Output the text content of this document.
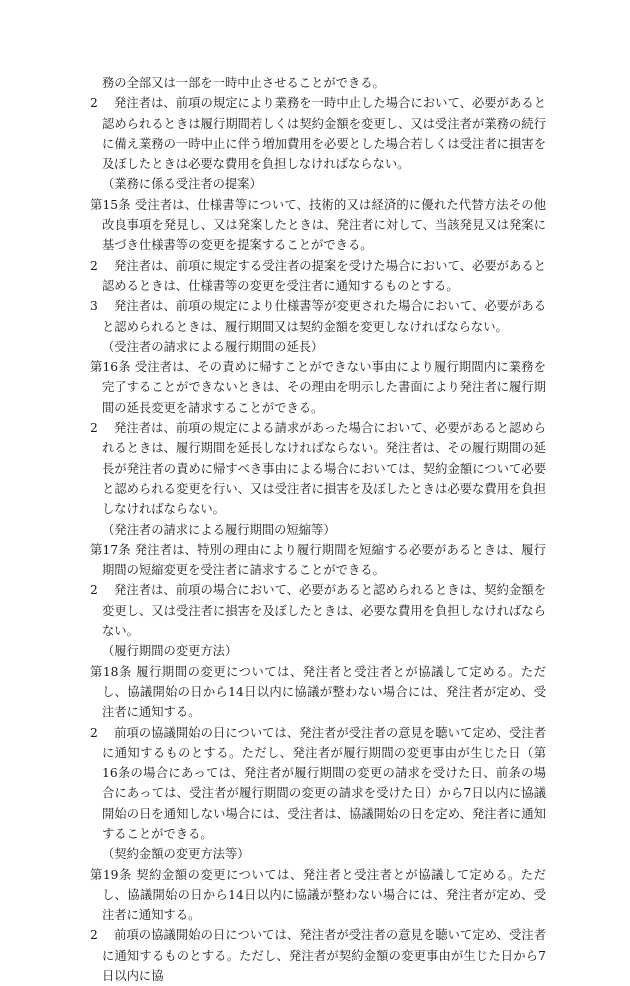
務の全部又は一部を一時中止させることができる。

2 発注者は、前項の規定により業務を一時中止した場合において、必要があると認められるときは履行期間若しくは契約金額を変更し、又は受注者が業務の続行に備え業務の一時中止に伴う増加費用を必要とした場合若しくは受注者に損害を及ぼしたときは必要な費用を負担しなければならない。

（業務に係る受注者の提案）

第15条 受注者は、仕様書等について、技術的又は経済的に優れた代替方法その他改良事項を発見し、又は発案したときは、発注者に対して、当該発見又は発案に基づき仕様書等の変更を提案することができる。

2 発注者は、前項に規定する受注者の提案を受けた場合において、必要があると認めるときは、仕様書等の変更を受注者に通知するものとする。
3 発注者は、前項の規定により仕様書等が変更された場合において、必要があると認められるときは、履行期間又は契約金額を変更しなければならない。

（受注者の請求による履行期間の延長）

第16条 受注者は、その責めに帰すことができない事由により履行期間内に業務を完了することができないときは、その理由を明示した書面により発注者に履行期間の延長変更を請求することができる。

2 発注者は、前項の規定による請求があった場合において、必要があると認められるときは、履行期間を延長しなければならない。発注者は、その履行期間の延長が発注者の責めに帰すべき事由による場合においては、契約金額について必要と認められる変更を行い、又は受注者に損害を及ぼしたときは必要な費用を負担しなければならない。

（発注者の請求による履行期間の短縮等）

第17条 発注者は、特別の理由により履行期間を短縮する必要があるときは、履行期間の短縮変更を受注者に請求することができる。

2 発注者は、前項の場合において、必要があると認められるときは、契約金額を変更し、又は受注者に損害を及ぼしたときは、必要な費用を負担しなければならない。

（履行期間の変更方法）

第18条 履行期間の変更については、発注者と受注者とが協議して定める。ただし、協議開始の日から14日以内に協議が整わない場合には、発注者が定め、受注者に通知する。

2 前項の協議開始の日については、発注者が受注者の意見を聴いて定め、受注者に通知するものとする。ただし、発注者が履行期間の変更事由が生じた日（第16条の場合にあっては、発注者が履行期間の変更の請求を受けた日、前条の場合にあっては、受注者が履行期間の変更の請求を受けた日）から7日以内に協議開始の日を通知しない場合には、受注者は、協議開始の日を定め、発注者に通知することができる。

（契約金額の変更方法等）

第19条 契約金額の変更については、発注者と受注者とが協議して定める。ただし、協議開始の日から14日以内に協議が整わない場合には、発注者が定め、受注者に通知する。

2 前項の協議開始の日については、発注者が受注者の意見を聴いて定め、受注者に通知するものとする。ただし、発注者が契約金額の変更事由が生じた日から7日以内に協
